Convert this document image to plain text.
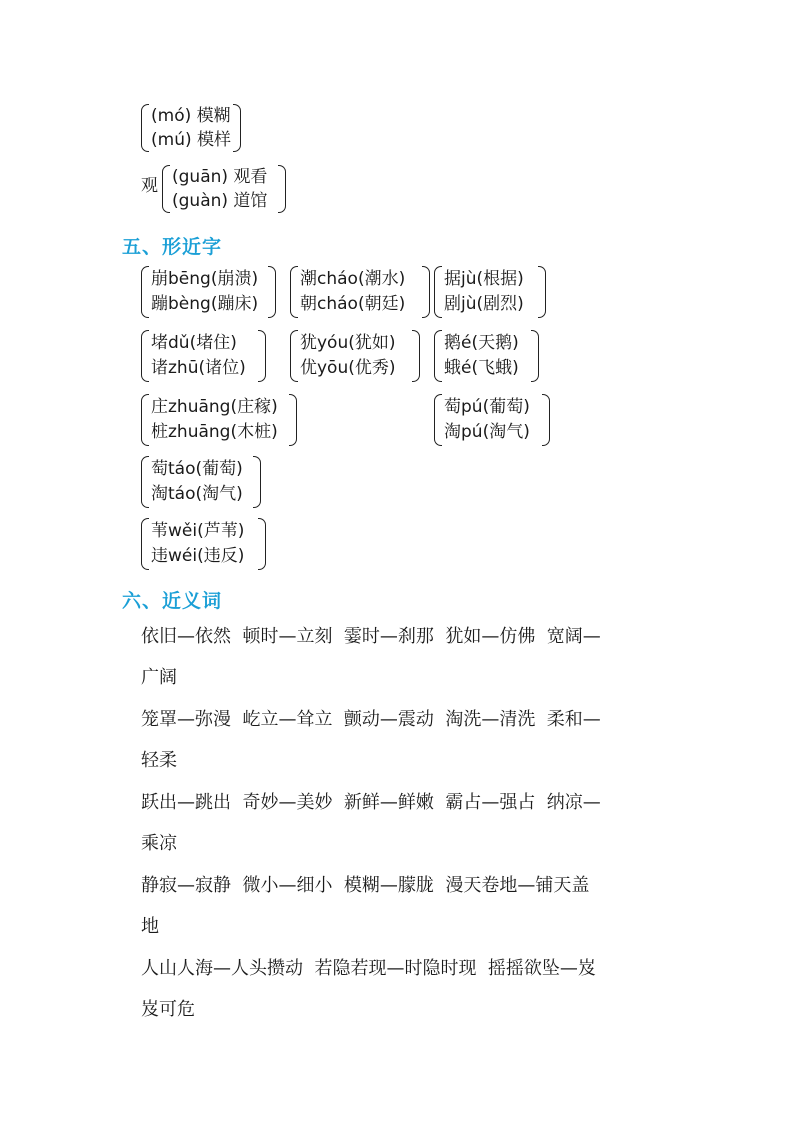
(mó) 模糊
(mú) 模样
观 (guān) 观看
(guàn) 道馆
五、形近字
崩bēng(崩溃)
蹦bèng(蹦床)
潮cháo(潮水)
朝cháo(朝廷)
据jù(根据)
剧jù(剧烈)
堵dǔ(堵住)
诸zhū(诸位)
犹yóu(犹如)
优yōu(优秀)
鹅é(天鹅)
蛾é(飞蛾)
庄zhuāng(庄稼)
桩zhuāng(木桩)
萄pú(葡萄)
淘pú(淘气)
萄táo(葡萄)
淘táo(淘气)
苇wěi(芦苇)
违wéi(违反)
六、近义词
依旧—依然  顿时—立刻  霎时—刹那  犹如—仿佛  宽阔—
广阔
笼罩—弥漫  屹立—耸立  颤动—震动  淘洗—清洗  柔和—
轻柔
跃出—跳出  奇妙—美妙  新鲜—鲜嫩  霸占—强占  纳凉—
乘凉
静寂—寂静  微小—细小  模糊—朦胧  漫天卷地—铺天盖
地
人山人海—人头攒动  若隐若现—时隐时现  摇摇欲坠—岌
岌可危
